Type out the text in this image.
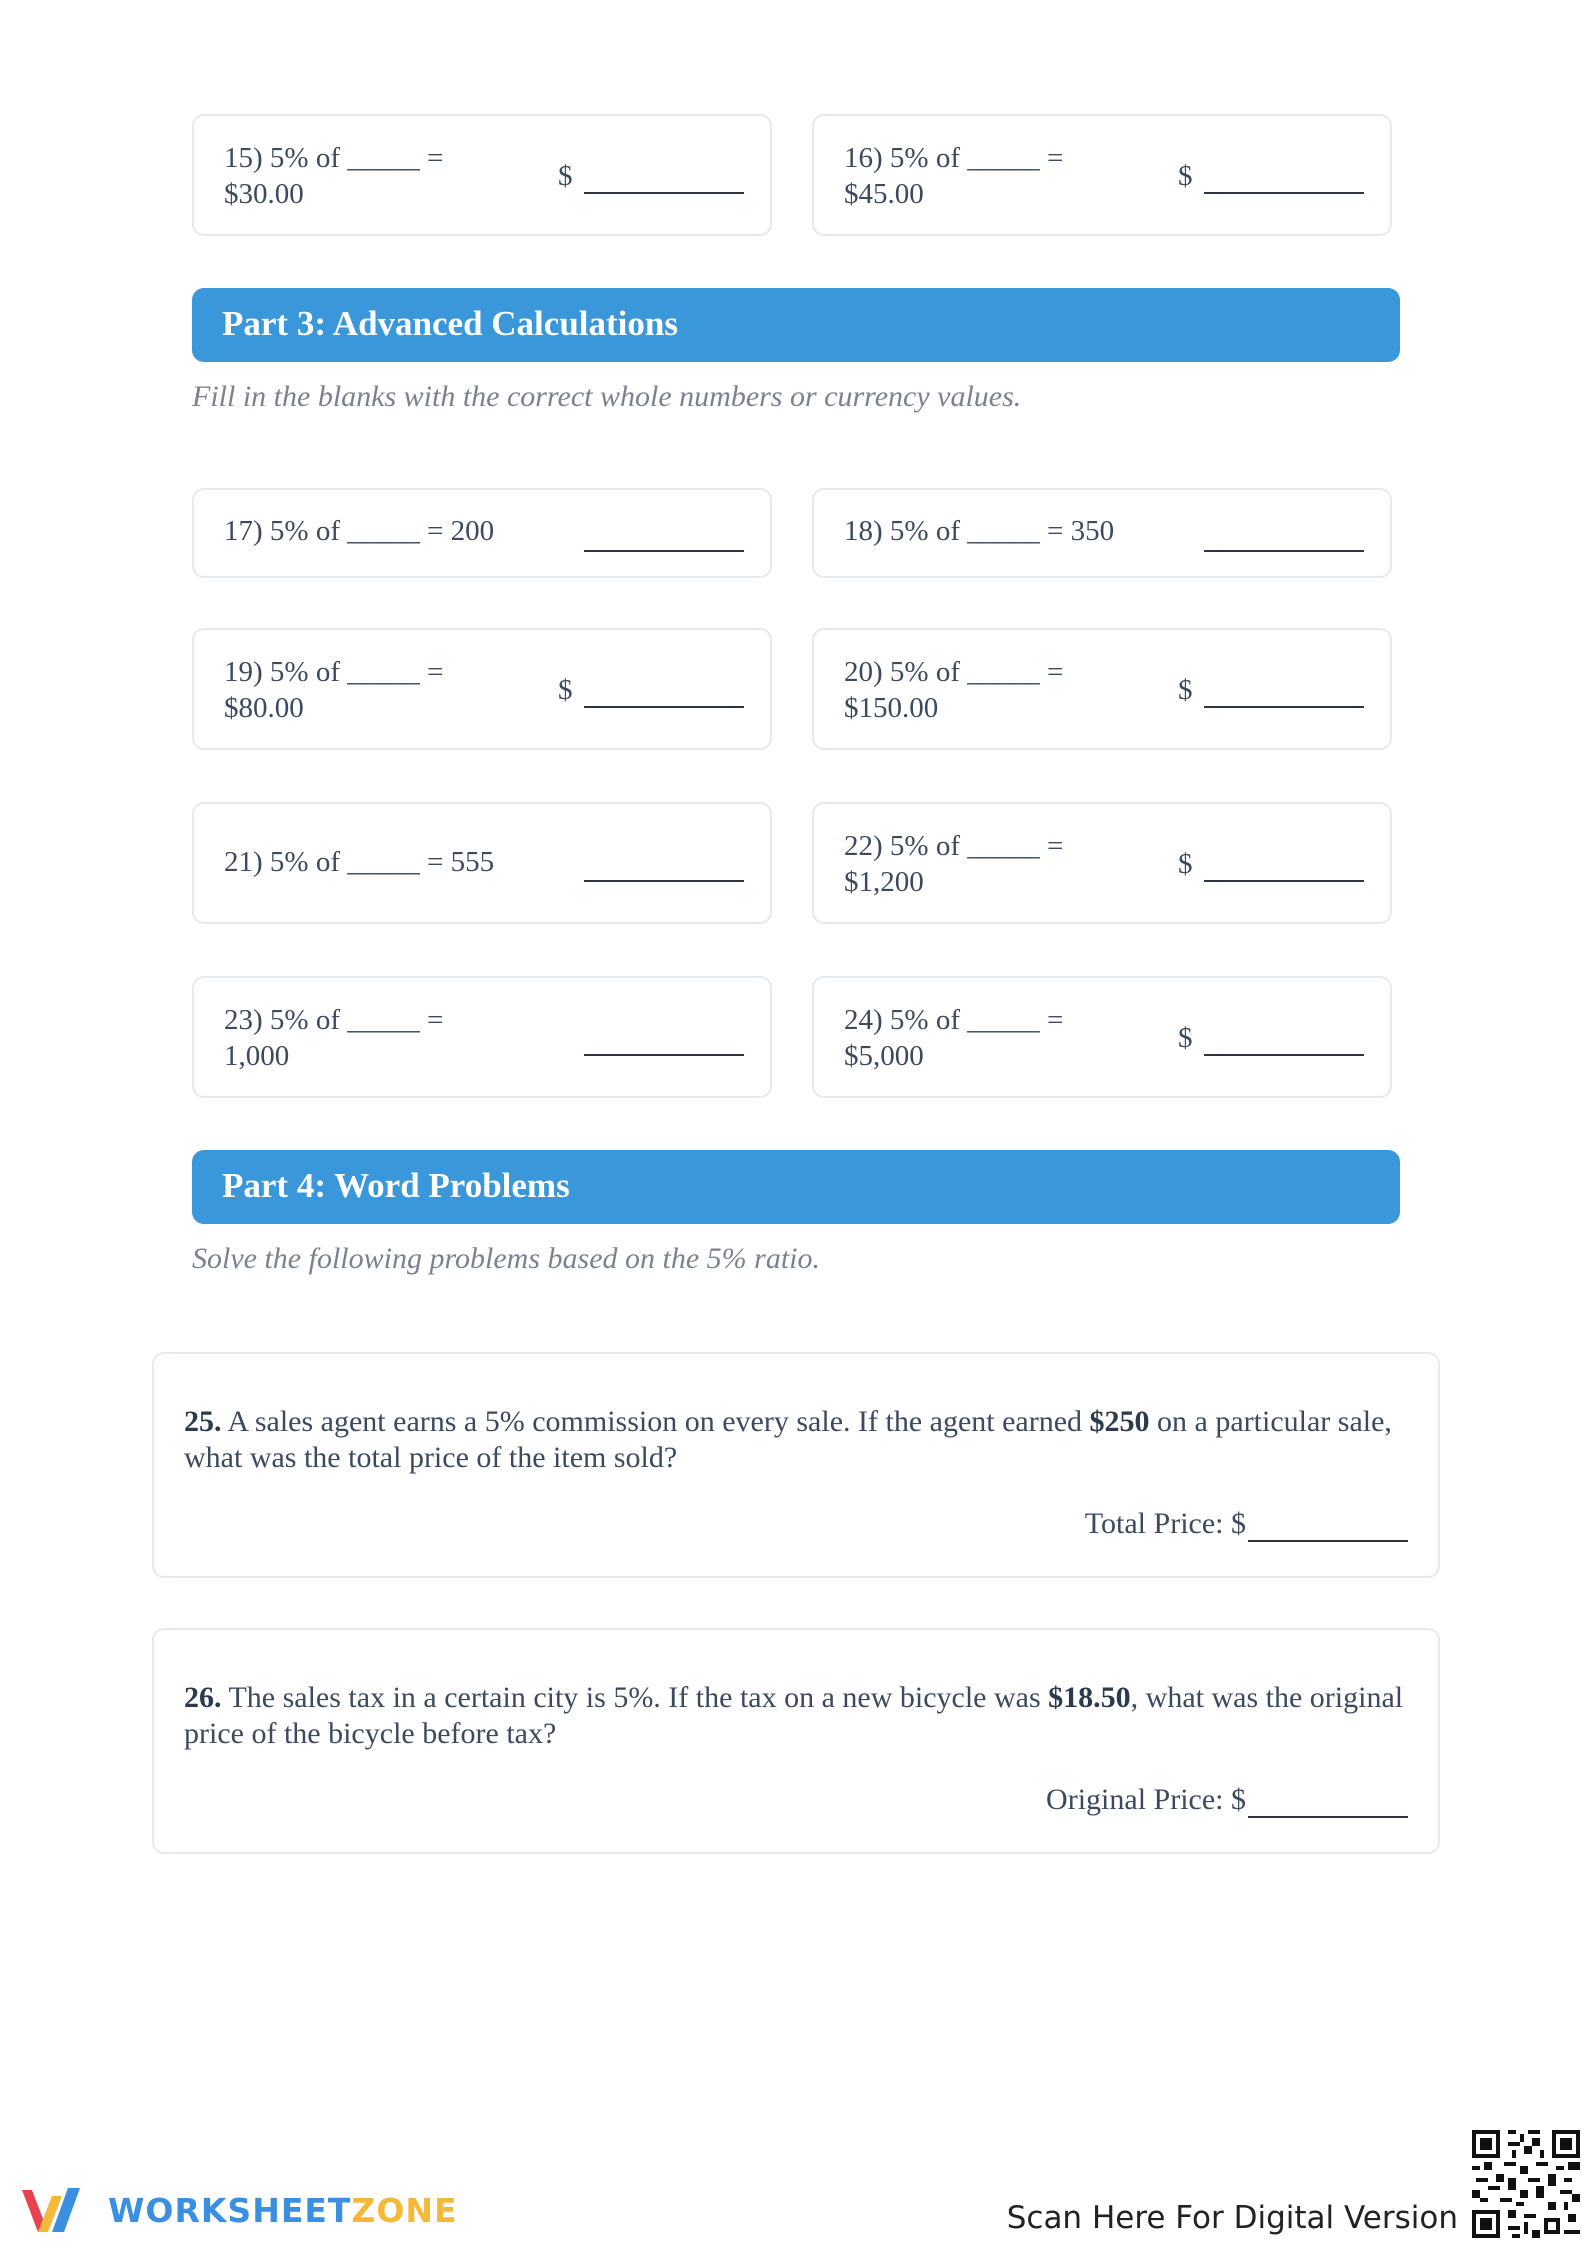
15) 5% of _____ =
$30.00
$
16) 5% of _____ =
$45.00
$
Part 3: Advanced Calculations
Fill in the blanks with the correct whole numbers or currency values.
17) 5% of _____ = 200	18) 5% of _____ = 350
19) 5% of _____ =
$80.00
$
20) 5% of _____ =
$150.00
$
21) 5% of _____ = 555	22) 5% of _____ =
$1,200
$
23) 5% of _____ =
1,000
24) 5% of _____ =
$5,000
$
Part 4: Word Problems
Solve the following problems based on the 5% ratio.
25. A sales agent earns a 5% commission on every sale. If the agent earned $250 on a particular sale, what was the total price of the item sold?
Total Price: $
26. The sales tax in a certain city is 5%. If the tax on a new bicycle was $18.50, what was the original price of the bicycle before tax?
Original Price: $
WORKSHEETZONE	Scan Here For Digital Version
